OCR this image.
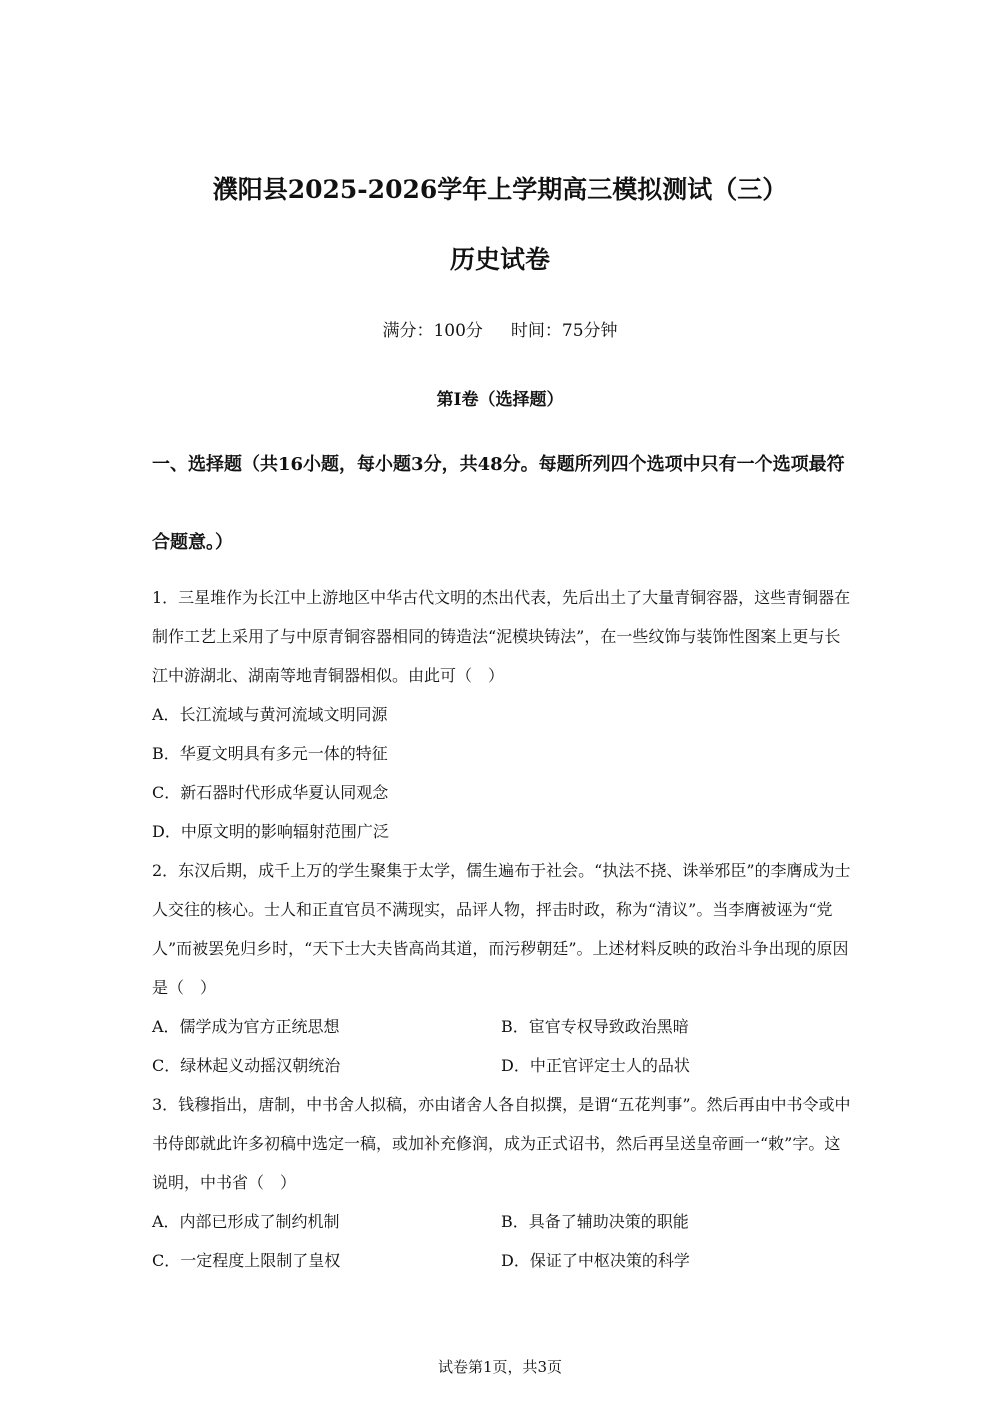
濮阳县2025-2026学年上学期高三模拟测试（三）
历史试卷
满分：100分 时间：75分钟
第I卷（选择题）
一、选择题（共16小题，每小题3分，共48分。每题所列四个选项中只有一个选项最符合题意。）

1．三星堆作为长江中上游地区中华古代文明的杰出代表，先后出土了大量青铜容器，这些青铜器在制作工艺上采用了与中原青铜容器相同的铸造法“泥模块铸法”，在一些纹饰与装饰性图案上更与长江中游湖北、湖南等地青铜器相似。由此可（　）

A．长江流域与黄河流域文明同源
B．华夏文明具有多元一体的特征
C．新石器时代形成华夏认同观念
D．中原文明的影响辐射范围广泛

2．东汉后期，成千上万的学生聚集于太学，儒生遍布于社会。“执法不挠、诛举邪臣”的李膺成为士人交往的核心。士人和正直官员不满现实，品评人物，抨击时政，称为“清议”。当李膺被诬为“党人”而被罢免归乡时，“天下士大夫皆高尚其道，而污秽朝廷”。上述材料反映的政治斗争出现的原因是（　）

A．儒学成为官方正统思想	B．宦官专权导致政治黑暗
C．绿林起义动摇汉朝统治	D．中正官评定士人的品状

3．钱穆指出，唐制，中书舍人拟稿，亦由诸舍人各自拟撰，是谓“五花判事”。然后再由中书令或中书侍郎就此许多初稿中选定一稿，或加补充修润，成为正式诏书，然后再呈送皇帝画一“敕”字。这说明，中书省（　）

A．内部已形成了制约机制	B．具备了辅助决策的职能
C．一定程度上限制了皇权	D．保证了中枢决策的科学
试卷第1页，共3页
